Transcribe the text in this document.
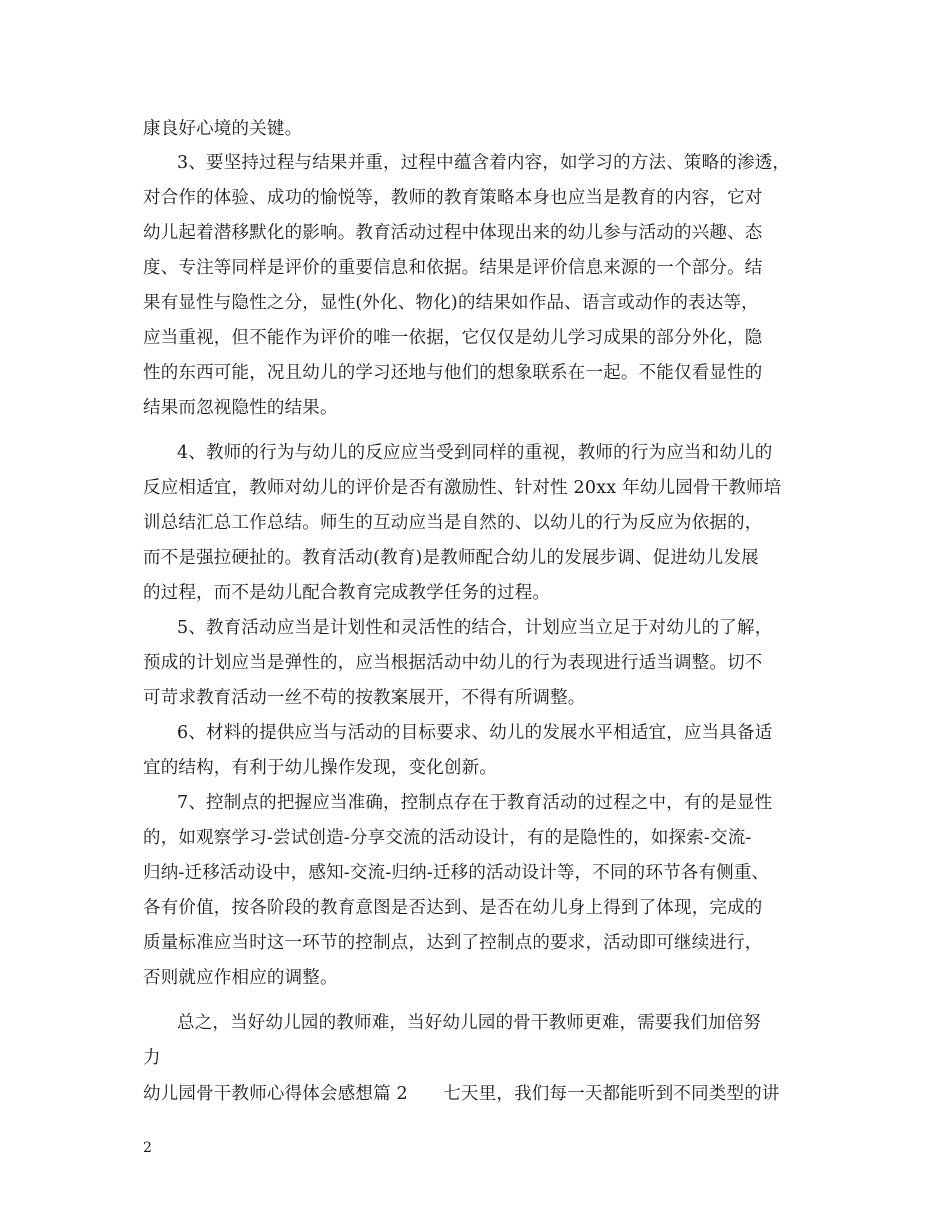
康良好心境的关键。
3、要坚持过程与结果并重，过程中蕴含着内容，如学习的方法、策略的渗透，
对合作的体验、成功的愉悦等，教师的教育策略本身也应当是教育的内容，它对
幼儿起着潜移默化的影响。教育活动过程中体现出来的幼儿参与活动的兴趣、态
度、专注等同样是评价的重要信息和依据。结果是评价信息来源的一个部分。结
果有显性与隐性之分，显性(外化、物化)的结果如作品、语言或动作的表达等，
应当重视，但不能作为评价的唯一依据，它仅仅是幼儿学习成果的部分外化，隐
性的东西可能，况且幼儿的学习还地与他们的想象联系在一起。不能仅看显性的
结果而忽视隐性的结果。
4、教师的行为与幼儿的反应应当受到同样的重视，教师的行为应当和幼儿的
反应相适宜，教师对幼儿的评价是否有激励性、针对性 20xx 年幼儿园骨干教师培
训总结汇总工作总结。师生的互动应当是自然的、以幼儿的行为反应为依据的，
而不是强拉硬扯的。教育活动(教育)是教师配合幼儿的发展步调、促进幼儿发展
的过程，而不是幼儿配合教育完成教学任务的过程。
5、教育活动应当是计划性和灵活性的结合，计划应当立足于对幼儿的了解，
预成的计划应当是弹性的，应当根据活动中幼儿的行为表现进行适当调整。切不
可苛求教育活动一丝不苟的按教案展开，不得有所调整。
6、材料的提供应当与活动的目标要求、幼儿的发展水平相适宜，应当具备适
宜的结构，有利于幼儿操作发现，变化创新。
7、控制点的把握应当准确，控制点存在于教育活动的过程之中，有的是显性
的，如观察学习-尝试创造-分享交流的活动设计，有的是隐性的，如探索-交流-
归纳-迁移活动设中，感知-交流-归纳-迁移的活动设计等，不同的环节各有侧重、
各有价值，按各阶段的教育意图是否达到、是否在幼儿身上得到了体现，完成的
质量标准应当时这一环节的控制点，达到了控制点的要求，活动即可继续进行，
否则就应作相应的调整。
总之，当好幼儿园的教师难，当好幼儿园的骨干教师更难，需要我们加倍努
力
幼儿园骨干教师心得体会感想篇 2　　七天里，我们每一天都能听到不同类型的讲
2
